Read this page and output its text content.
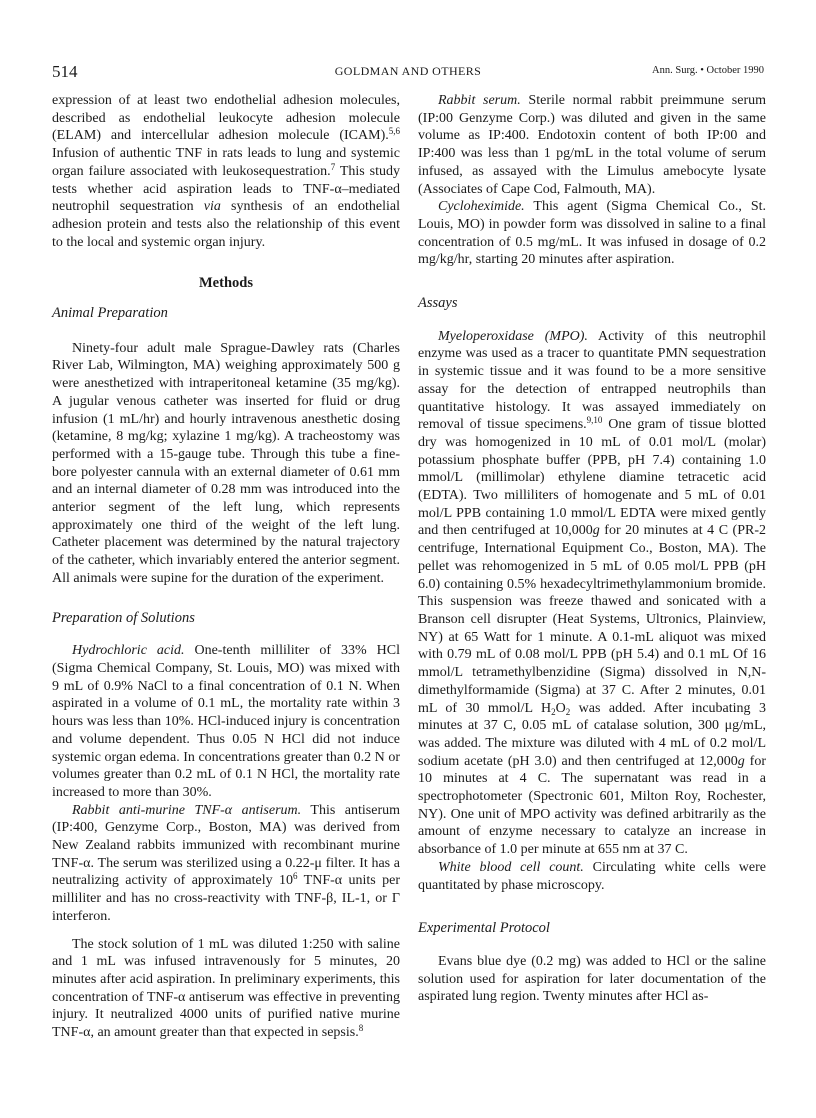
514	GOLDMAN AND OTHERS	Ann. Surg. • October 1990

expression of at least two endothelial adhesion molecules, described as endothelial leukocyte adhesion molecule (ELAM) and intercellular adhesion molecule (ICAM).$^{5,6}$ Infusion of authentic TNF in rats leads to lung and systemic organ failure associated with leukosequestration.$^7$ This study tests whether acid aspiration leads to TNF-α–mediated neutrophil sequestration via synthesis of an endothelial adhesion protein and tests also the relationship of this event to the local and systemic organ injury.

Methods
Animal Preparation

Ninety-four adult male Sprague-Dawley rats (Charles River Lab, Wilmington, MA) weighing approximately 500 g were anesthetized with intraperitoneal ketamine (35 mg/kg). A jugular venous catheter was inserted for fluid or drug infusion (1 mL/hr) and hourly intravenous anesthetic dosing (ketamine, 8 mg/kg; xylazine 1 mg/kg). A tracheostomy was performed with a 15-gauge tube. Through this tube a fine-bore polyester cannula with an external diameter of 0.61 mm and an internal diameter of 0.28 mm was introduced into the anterior segment of the left lung, which represents approximately one third of the weight of the left lung. Catheter placement was determined by the natural trajectory of the catheter, which invariably entered the anterior segment. All animals were supine for the duration of the experiment.

Preparation of Solutions

Hydrochloric acid. One-tenth milliliter of 33% HCl (Sigma Chemical Company, St. Louis, MO) was mixed with 9 mL of 0.9% NaCl to a final concentration of 0.1 N. When aspirated in a volume of 0.1 mL, the mortality rate within 3 hours was less than 10%. HCl-induced injury is concentration and volume dependent. Thus 0.05 N HCl did not induce systemic organ edema. In concentrations greater than 0.2 N or volumes greater than 0.2 mL of 0.1 N HCl, the mortality rate increased to more than 30%.

Rabbit anti-murine TNF-α antiserum. This antiserum (IP:400, Genzyme Corp., Boston, MA) was derived from New Zealand rabbits immunized with recombinant murine TNF-α. The serum was sterilized using a 0.22-μ filter. It has a neutralizing activity of approximately $10^6$ TNF-α units per milliliter and has no cross-reactivity with TNF-β, IL-1, or Γ interferon.

The stock solution of 1 mL was diluted 1:250 with saline and 1 mL was infused intravenously for 5 minutes, 20 minutes after acid aspiration. In preliminary experiments, this concentration of TNF-α antiserum was effective in preventing injury. It neutralized 4000 units of purified native murine TNF-α, an amount greater than that expected in sepsis.$^8$

Rabbit serum. Sterile normal rabbit preimmune serum (IP:00 Genzyme Corp.) was diluted and given in the same volume as IP:400. Endotoxin content of both IP:00 and IP:400 was less than 1 pg/mL in the total volume of serum infused, as assayed with the Limulus amebocyte lysate (Associates of Cape Cod, Falmouth, MA).

Cycloheximide. This agent (Sigma Chemical Co., St. Louis, MO) in powder form was dissolved in saline to a final concentration of 0.5 mg/mL. It was infused in dosage of 0.2 mg/kg/hr, starting 20 minutes after aspiration.

Assays

Myeloperoxidase (MPO). Activity of this neutrophil enzyme was used as a tracer to quantitate PMN sequestration in systemic tissue and it was found to be a more sensitive assay for the detection of entrapped neutrophils than quantitative histology. It was assayed immediately on removal of tissue specimens.$^{9,10}$ One gram of tissue blotted dry was homogenized in 10 mL of 0.01 mol/L (molar) potassium phosphate buffer (PPB, pH 7.4) containing 1.0 mmol/L (millimolar) ethylene diamine tetracetic acid (EDTA). Two milliliters of homogenate and 5 mL of 0.01 mol/L PPB containing 1.0 mmol/L EDTA were mixed gently and then centrifuged at 10,000g for 20 minutes at 4 C (PR-2 centrifuge, International Equipment Co., Boston, MA). The pellet was rehomogenized in 5 mL of 0.05 mol/L PPB (pH 6.0) containing 0.5% hexadecyltrimethylammonium bromide. This suspension was freeze thawed and sonicated with a Branson cell disrupter (Heat Systems, Ultronics, Plainview, NY) at 65 Watt for 1 minute. A 0.1-mL aliquot was mixed with 0.79 mL of 0.08 mol/L PPB (pH 5.4) and 0.1 mL Of 16 mmol/L tetramethylbenzidine (Sigma) dissolved in N,N-dimethylformamide (Sigma) at 37 C. After 2 minutes, 0.01 mL of 30 mmol/L $H_2O_2$ was added. After incubating 3 minutes at 37 C, 0.05 mL of catalase solution, 300 μg/mL, was added. The mixture was diluted with 4 mL of 0.2 mol/L sodium acetate (pH 3.0) and then centrifuged at 12,000g for 10 minutes at 4 C. The supernatant was read in a spectrophotometer (Spectronic 601, Milton Roy, Rochester, NY). One unit of MPO activity was defined arbitrarily as the amount of enzyme necessary to catalyze an increase in absorbance of 1.0 per minute at 655 nm at 37 C.

White blood cell count. Circulating white cells were quantitated by phase microscopy.

Experimental Protocol

Evans blue dye (0.2 mg) was added to HCl or the saline solution used for aspiration for later documentation of the aspirated lung region. Twenty minutes after HCl as-
